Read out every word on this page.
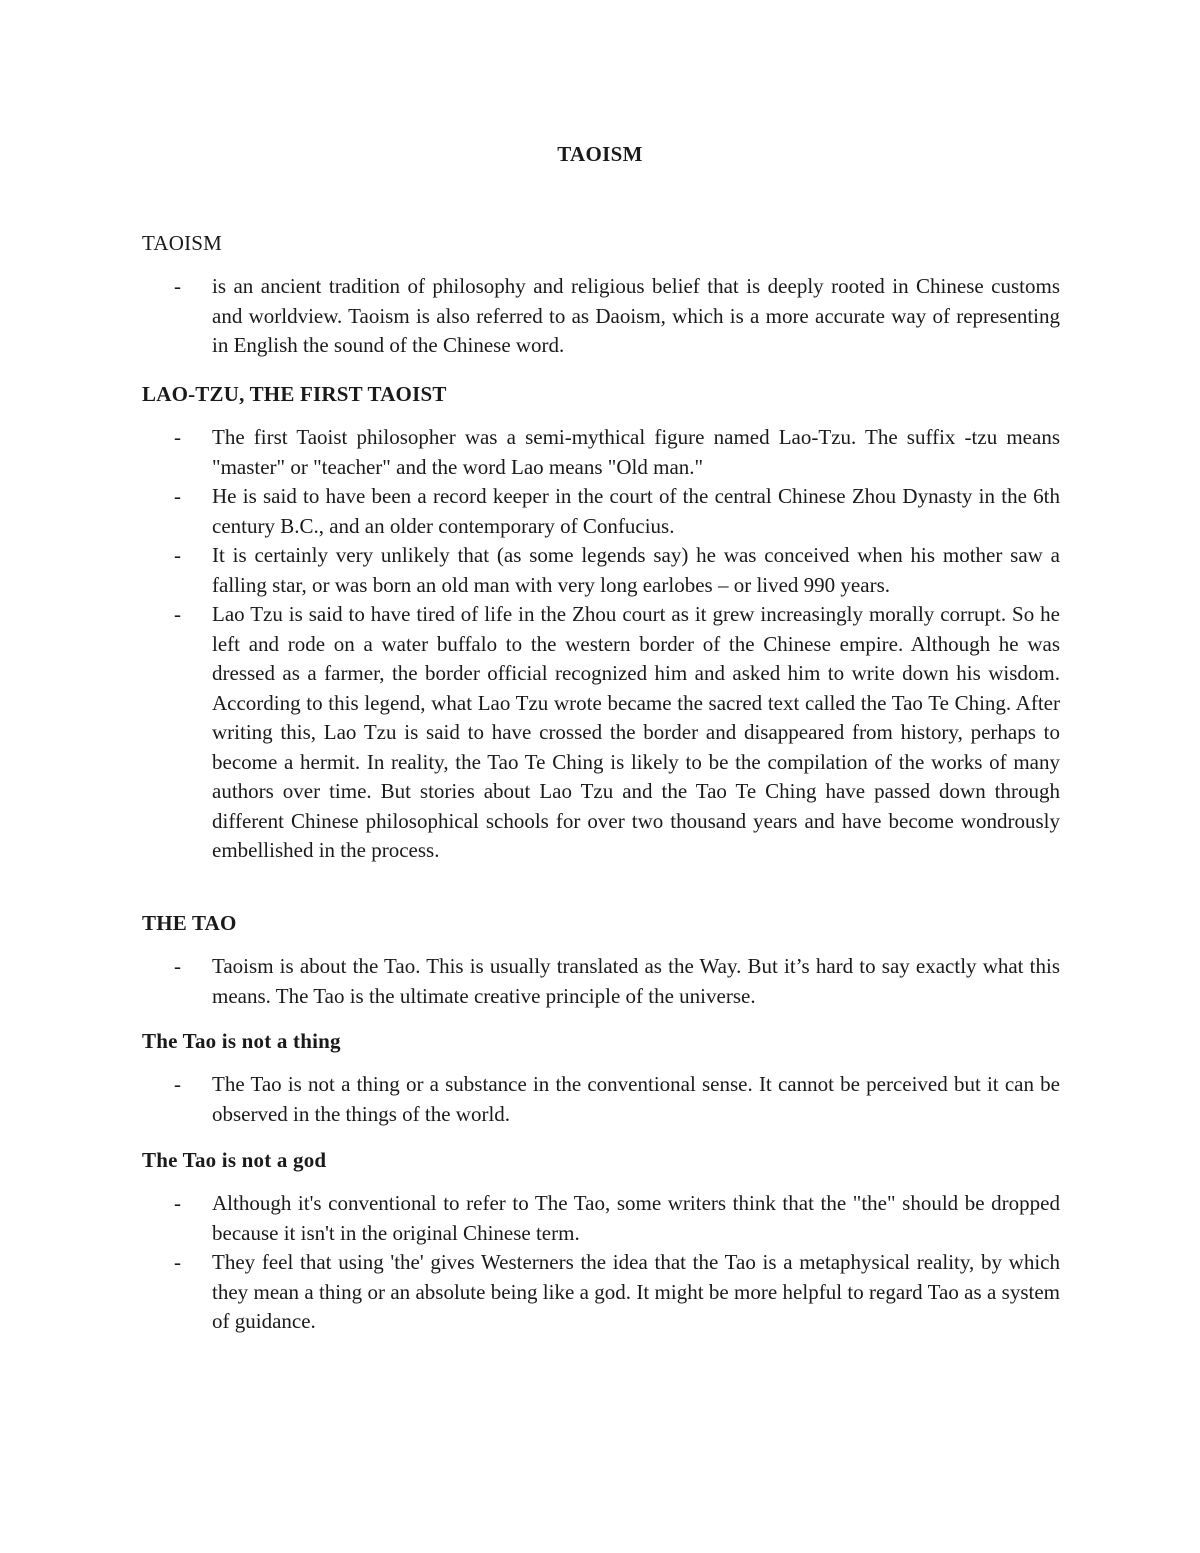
TAOISM

TAOISM

- is an ancient tradition of philosophy and religious belief that is deeply rooted in Chinese customs and worldview. Taoism is also referred to as Daoism, which is a more accurate way of representing in English the sound of the Chinese word.

LAO-TZU, THE FIRST TAOIST

- The first Taoist philosopher was a semi-mythical figure named Lao-Tzu. The suffix -tzu means "master" or "teacher" and the word Lao means "Old man."
- He is said to have been a record keeper in the court of the central Chinese Zhou Dynasty in the 6th century B.C., and an older contemporary of Confucius.
- It is certainly very unlikely that (as some legends say) he was conceived when his mother saw a falling star, or was born an old man with very long earlobes – or lived 990 years.
- Lao Tzu is said to have tired of life in the Zhou court as it grew increasingly morally corrupt. So he left and rode on a water buffalo to the western border of the Chinese empire. Although he was dressed as a farmer, the border official recognized him and asked him to write down his wisdom. According to this legend, what Lao Tzu wrote became the sacred text called the Tao Te Ching. After writing this, Lao Tzu is said to have crossed the border and disappeared from history, perhaps to become a hermit. In reality, the Tao Te Ching is likely to be the compilation of the works of many authors over time. But stories about Lao Tzu and the Tao Te Ching have passed down through different Chinese philosophical schools for over two thousand years and have become wondrously embellished in the process.

THE TAO

- Taoism is about the Tao. This is usually translated as the Way. But it’s hard to say exactly what this means. The Tao is the ultimate creative principle of the universe.

The Tao is not a thing

- The Tao is not a thing or a substance in the conventional sense. It cannot be perceived but it can be observed in the things of the world.

The Tao is not a god

- Although it's conventional to refer to The Tao, some writers think that the "the" should be dropped because it isn't in the original Chinese term.
- They feel that using 'the' gives Westerners the idea that the Tao is a metaphysical reality, by which they mean a thing or an absolute being like a god. It might be more helpful to regard Tao as a system of guidance.
